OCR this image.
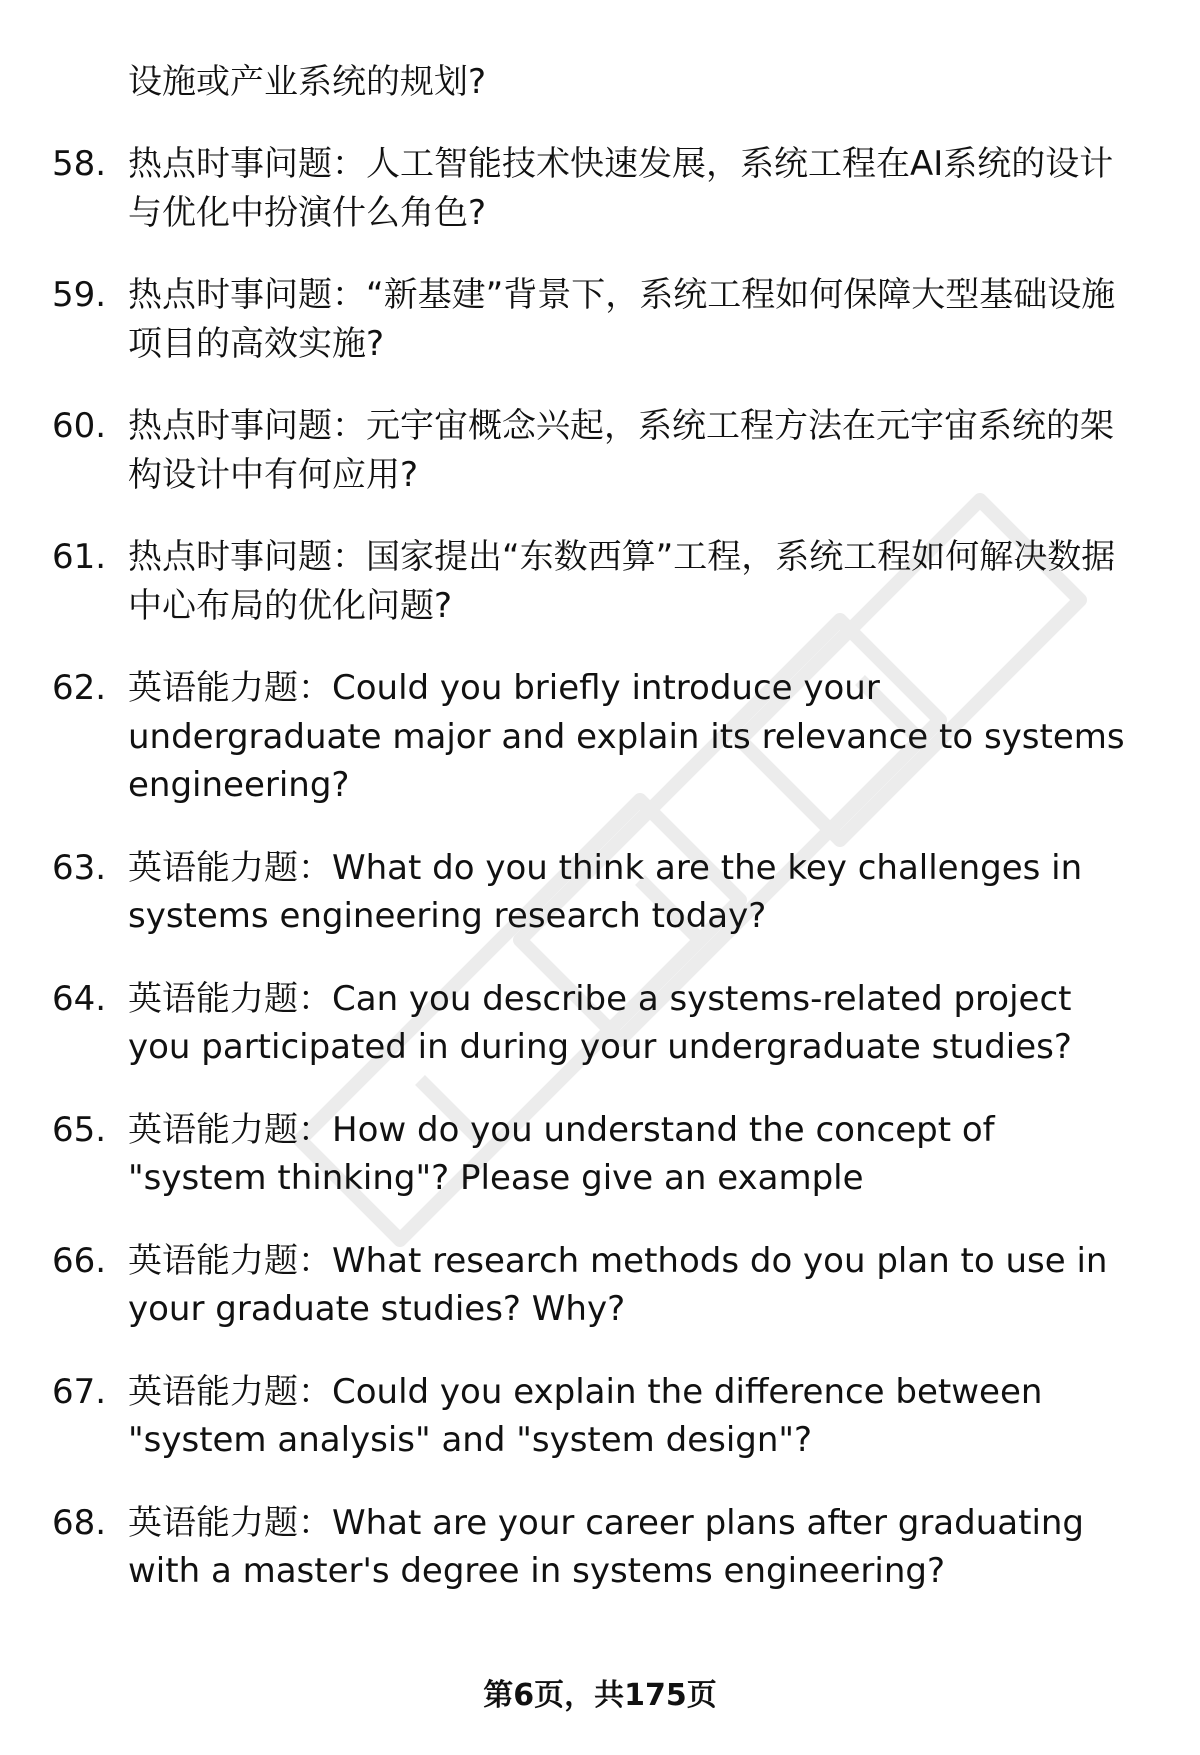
设施或产业系统的规划?
58. 热点时事问题：人工智能技术快速发展，系统工程在AI系统的设计与优化中扮演什么角色?
59. 热点时事问题：“新基建”背景下，系统工程如何保障大型基础设施项目的高效实施?
60. 热点时事问题：元宇宙概念兴起，系统工程方法在元宇宙系统的架构设计中有何应用?
61. 热点时事问题：国家提出“东数西算”工程，系统工程如何解决数据中心布局的优化问题?
62. 英语能力题：Could you briefly introduce your undergraduate major and explain its relevance to systems engineering?
63. 英语能力题：What do you think are the key challenges in systems engineering research today?
64. 英语能力题：Can you describe a systems-related project you participated in during your undergraduate studies?
65. 英语能力题：How do you understand the concept of "system thinking"? Please give an example
66. 英语能力题：What research methods do you plan to use in your graduate studies? Why?
67. 英语能力题：Could you explain the difference between "system analysis" and "system design"?
68. 英语能力题：What are your career plans after graduating with a master's degree in systems engineering?
第6页，共175页
